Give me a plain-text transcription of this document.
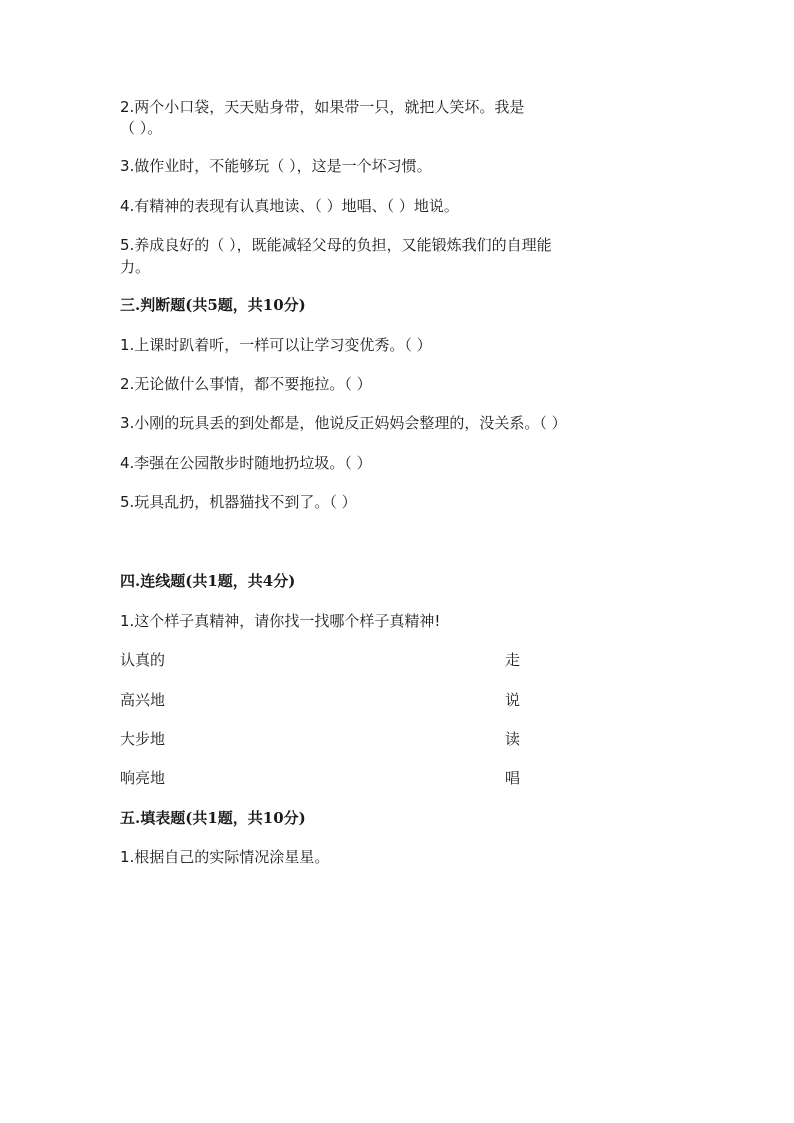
2.两个小口袋，天天贴身带，如果带一只，就把人笑坏。我是
（ ）。
3.做作业时，不能够玩（ ），这是一个坏习惯。
4.有精神的表现有认真地读、（ ）地唱、（ ）地说。
5.养成良好的（ ），既能减轻父母的负担，又能锻炼我们的自理能
力。
三.判断题(共5题，共10分)
1.上课时趴着听，一样可以让学习变优秀。（ ）
2.无论做什么事情，都不要拖拉。（ ）
3.小刚的玩具丢的到处都是，他说反正妈妈会整理的，没关系。（ ）
4.李强在公园散步时随地扔垃圾。（ ）
5.玩具乱扔，机器猫找不到了。（ ）
四.连线题(共1题，共4分)
1.这个样子真精神，请你找一找哪个样子真精神!
认真的	走
高兴地	说
大步地	读
响亮地	唱
五.填表题(共1题，共10分)
1.根据自己的实际情况涂星星。
